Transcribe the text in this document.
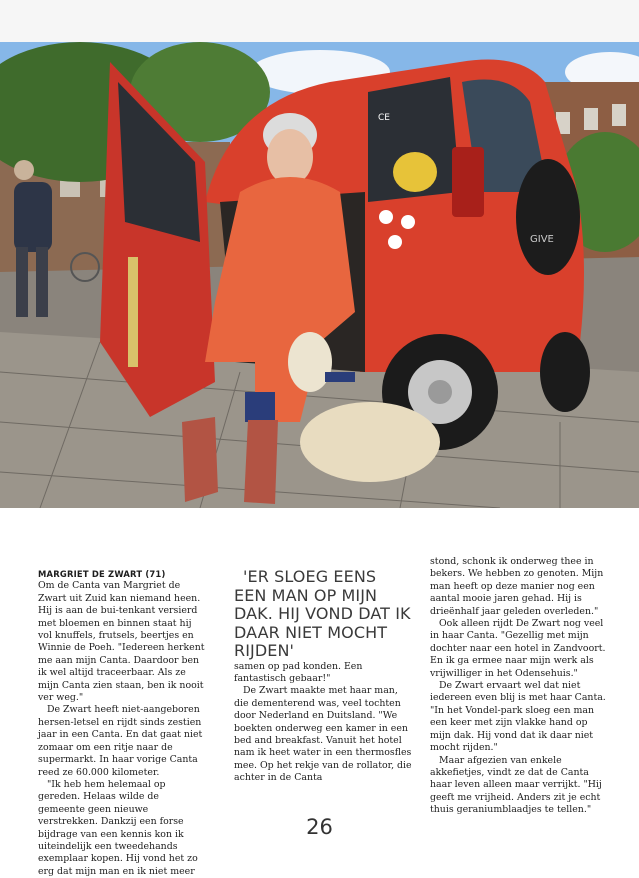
CE
GIVE
MARGRIET DE ZWART (71)

Om de Canta van Margriet de Zwart uit Zuid kan niemand heen. Hij is aan de bui-tenkant versierd met bloemen en binnen staat hij vol knuffels, frutsels, beertjes en Winnie de Poeh. "Iedereen herkent me aan mijn Canta. Daardoor ben ik wel altijd traceerbaar. Als ze mijn Canta zien staan, ben ik nooit ver weg."

De Zwart heeft niet-aangeboren hersen-letsel en rijdt sinds zestien jaar in een Canta. En dat gaat niet zomaar om een ritje naar de supermarkt. In haar vorige Canta reed ze 60.000 kilometer.

"Ik heb hem helemaal op gereden. Helaas wilde de gemeente geen nieuwe verstrekken. Dankzij een forse bijdrage van een kennis kon ik uiteindelijk een tweedehands exemplaar kopen. Hij vond het zo erg dat mijn man en ik niet meer

'ER SLOEG EENS EEN MAN OP MIJN DAK. HIJ VOND DAT IK DAAR NIET MOCHT RIJDEN'

samen op pad konden. Een fantastisch gebaar!"

De Zwart maakte met haar man, die dementerend was, veel tochten door Nederland en Duitsland. "We boekten onderweg een kamer in een bed and breakfast. Vanuit het hotel nam ik heet water in een thermosfles mee. Op het rekje van de rollator, die achter in de Canta

stond, schonk ik onderweg thee in bekers. We hebben zo genoten. Mijn man heeft op deze manier nog een aantal mooie jaren gehad. Hij is drieënhalf jaar geleden overleden."

Ook alleen rijdt De Zwart nog veel in haar Canta. "Gezellig met mijn dochter naar een hotel in Zandvoort. En ik ga ermee naar mijn werk als vrijwilliger in het Odensehuis."

De Zwart ervaart wel dat niet iedereen even blij is met haar Canta. "In het Vondel-park sloeg een man een keer met zijn vlakke hand op mijn dak. Hij vond dat ik daar niet mocht rijden."

Maar afgezien van enkele akkefietjes, vindt ze dat de Canta haar leven alleen maar verrijkt. "Hij geeft me vrijheid. Anders zit je echt thuis geraniumblaadjes te tellen."

26
